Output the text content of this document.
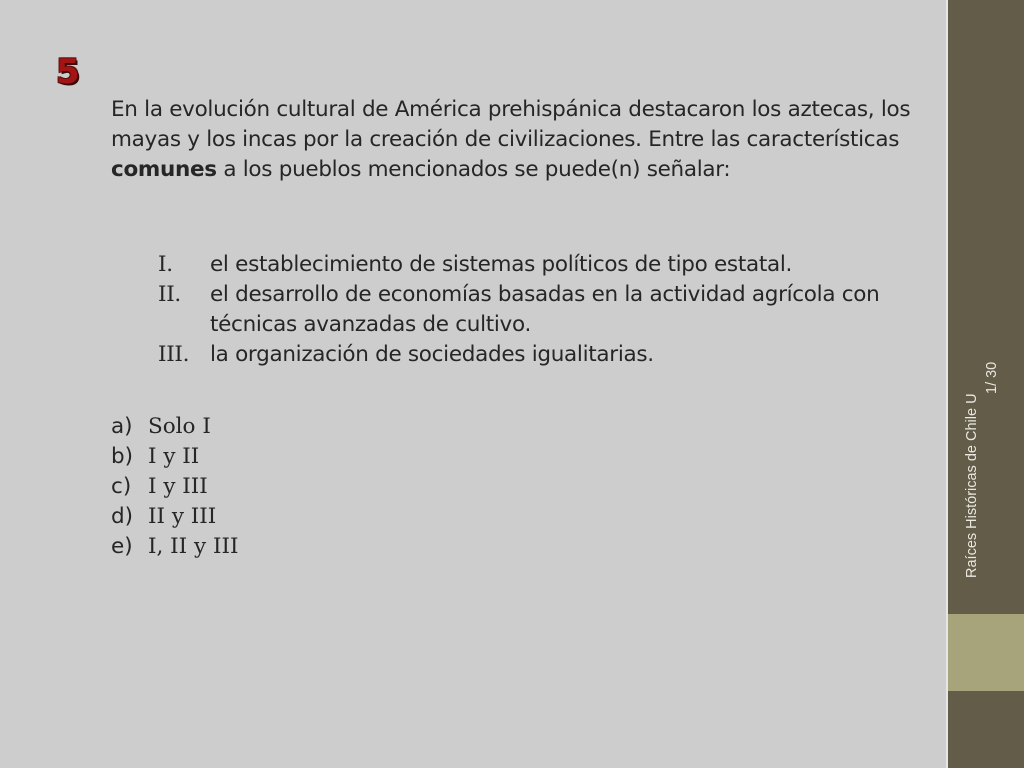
5
En la evolución cultural de América prehispánica destacaron los aztecas, los mayas y los incas por la creación de civilizaciones. Entre las características comunes a los pueblos mencionados se puede(n) señalar:
I.	el establecimiento de sistemas políticos de tipo estatal.
II.	el desarrollo de economías basadas en la actividad agrícola con técnicas avanzadas de cultivo.
III. la organización de sociedades igualitarias.
a) Solo I
b) I y II
c) I y III
d) II y III
e) I, II y III	Raíces Históricas de Chile U
1/ 30
